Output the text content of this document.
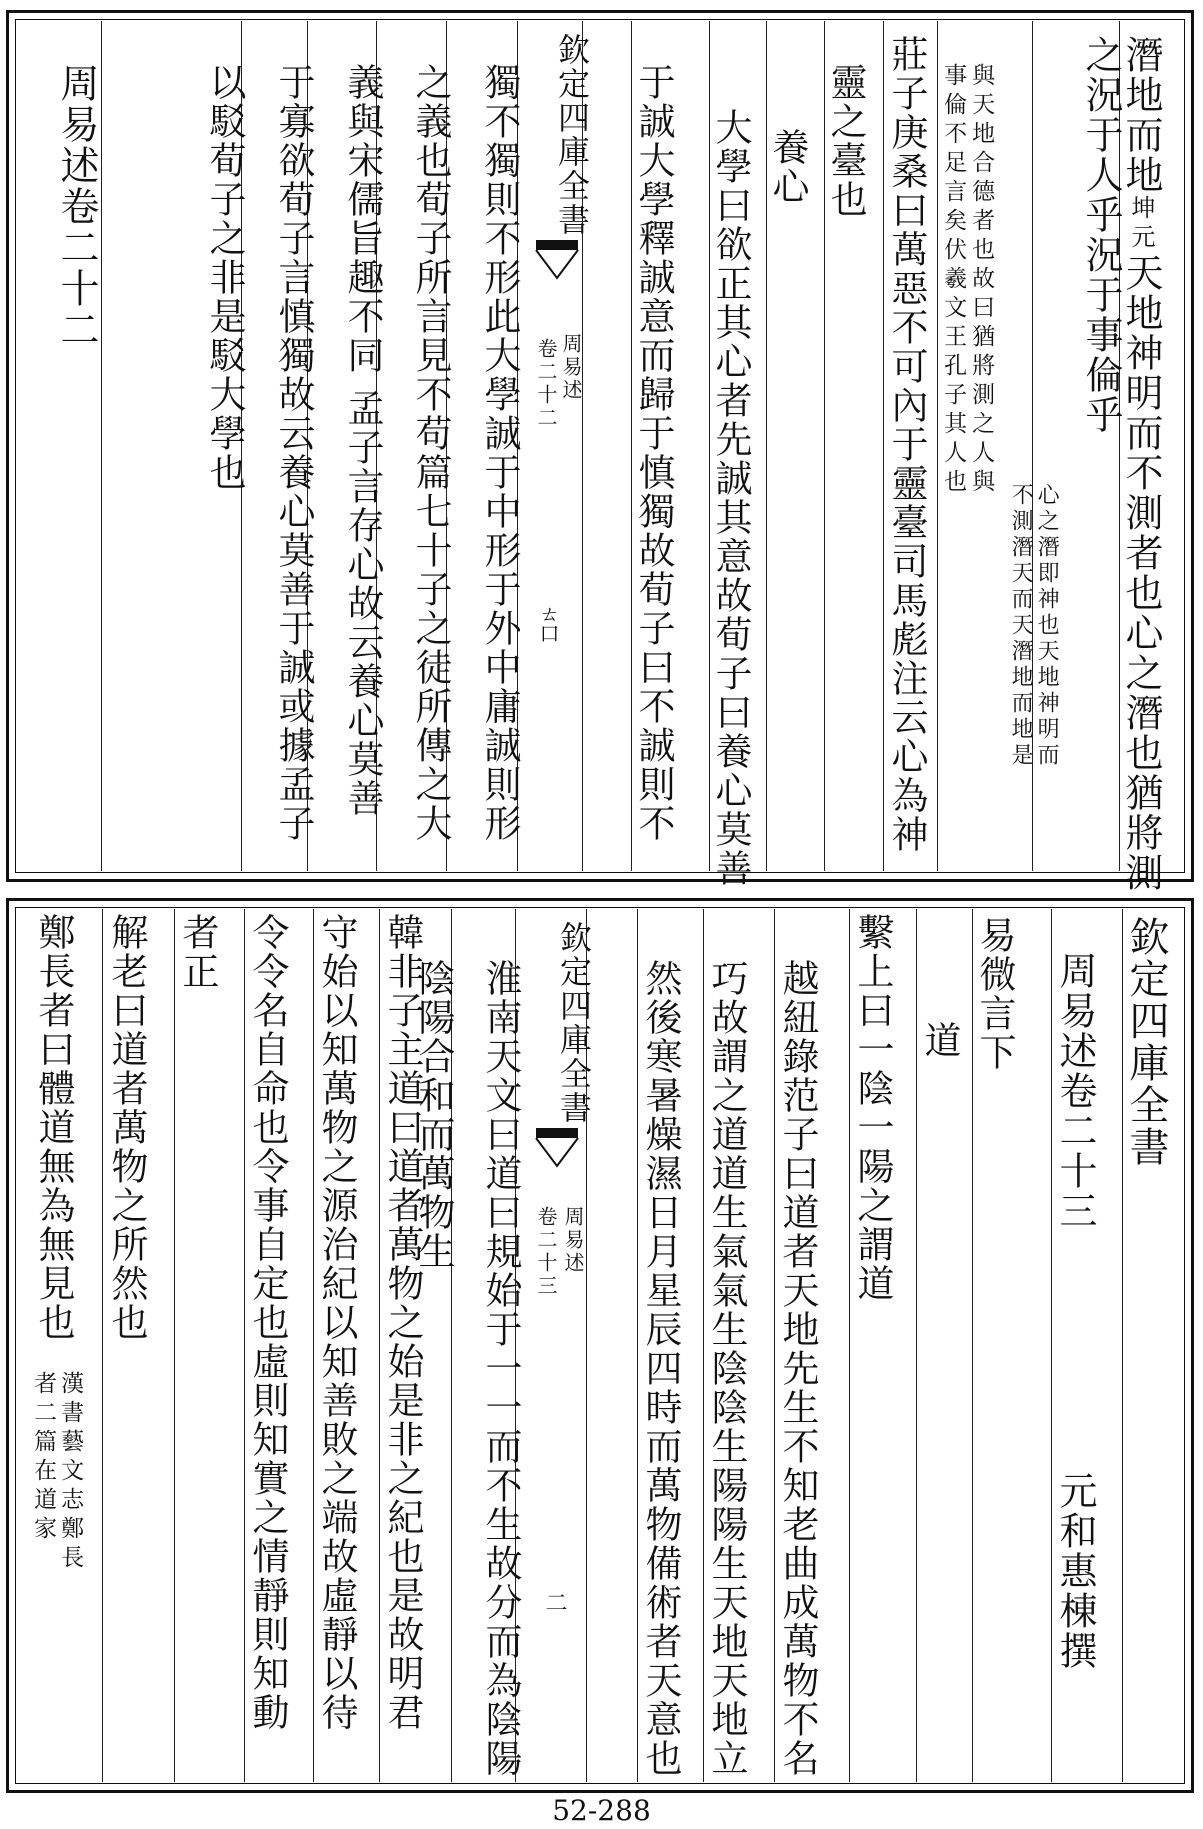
潛地而地坤元天地神明而不測者也心之潛也猶將測
之況于人乎況于事倫乎
心之潛即神也天地神明而
不測潛天而天潛地而地是
與天地合德者也故曰猶將測之人與
事倫不足言矣伏羲文王孔子其人也
莊子庚桑曰萬惡不可內于靈臺司馬彪注云心為神
靈之臺也
養心
大學曰欲正其心者先誠其意故荀子曰養心莫善
于誠大學釋誠意而歸于慎獨故荀子曰不誠則不
欽定四庫全書
周易述
卷二十二
ㄊ口
獨不獨則不形此大學誠于中形于外中庸誠則形
之義也荀子所言見不苟篇七十子之徒所傳之大
義與宋儒旨趣不同 孟子言存心故云養心莫善
于寡欲荀子言慎獨故云養心莫善于誠或據孟子
以駁荀子之非是駁大學也
周易述卷二十二
欽定四庫全書
周易述卷二十三
元和惠棟撰
易微言下
道
繫上曰一陰一陽之謂道
越紐錄范子曰道者天地先生不知老曲成萬物不名
巧故謂之道道生氣氣生陰陰生陽陽生天地天地立
然後寒暑燥濕日月星辰四時而萬物備術者天意也
欽定四庫全書
周易述
卷二十三
二
淮南天文曰道曰規始于一一而不生故分而為陰陽
陰陽合和而萬物生
韓非子主道曰道者萬物之始是非之紀也是故明君
守始以知萬物之源治紀以知善敗之端故虛靜以待
令令名自命也令事自定也虛則知實之情靜則知動
者正
解老曰道者萬物之所然也
鄭長者曰體道無為無見也
漢書藝文志鄭長
者二篇在道家
52-288
